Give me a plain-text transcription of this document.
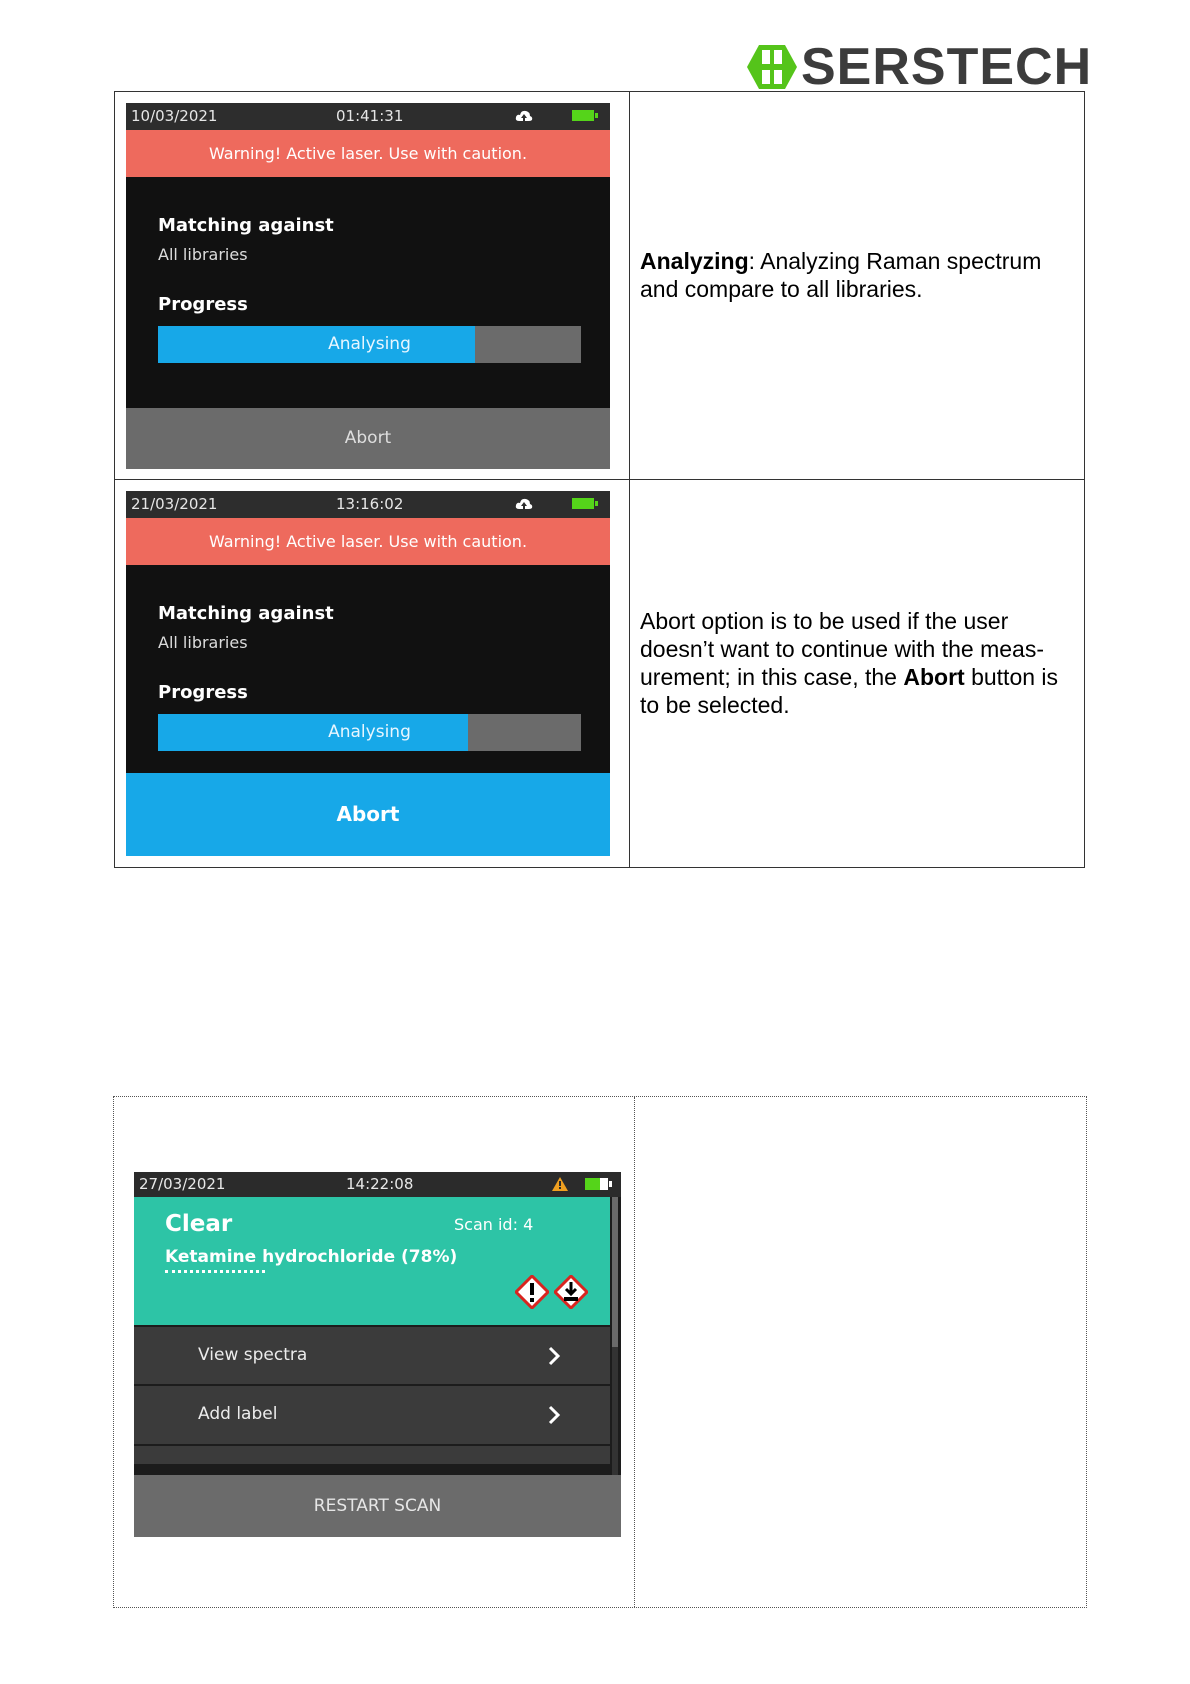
SERSTECH
10/03/2021	01:41:31
Warning! Active laser. Use with caution.
Matching against
All libraries
Progress
Analysing
Abort
Analyzing: Analyzing Raman spectrum and compare to all libraries.
21/03/2021	13:16:02
Warning! Active laser. Use with caution.
Matching against
All libraries
Progress
Analysing
Abort
Abort option is to be used if the user doesn’t want to continue with the meas-urement; in this case, the Abort button is to be selected.
27/03/2021	14:22:08
Clear	Scan id: 4
Ketamine hydrochloride (78%)
View spectra
Add label
RESTART SCAN
